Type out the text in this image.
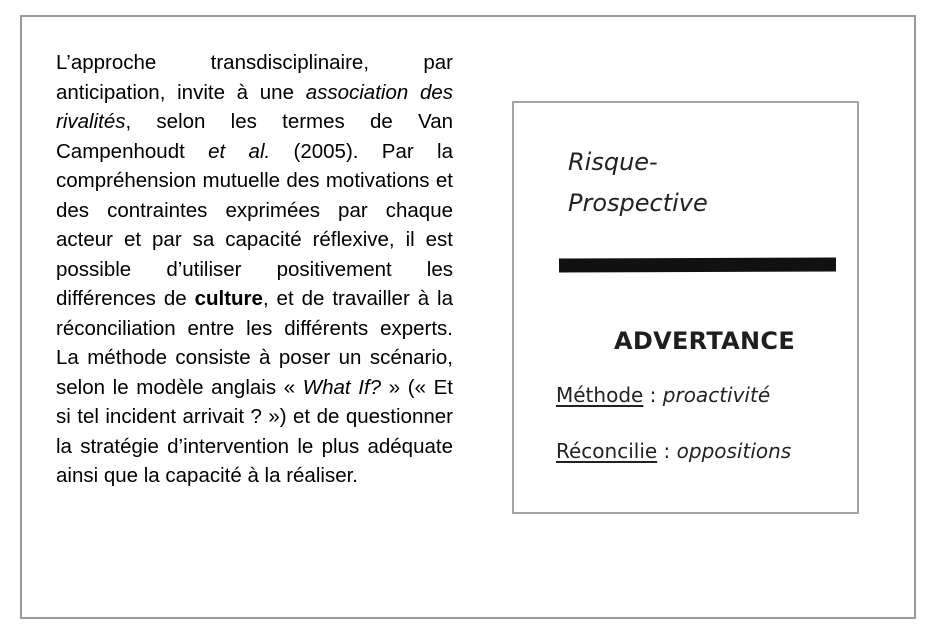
L’approche transdisciplinaire, par anticipation, invite à une association des rivalités, selon les termes de Van Campenhoudt et al. (2005). Par la compréhension mutuelle des motivations et des contraintes exprimées par chaque acteur et par sa capacité réflexive, il est possible d’utiliser positivement les différences de culture, et de travailler à la réconciliation entre les différents experts. La méthode consiste à poser un scénario, selon le modèle anglais « What If? » (« Et si tel incident arrivait ? ») et de questionner la stratégie d’intervention le plus adéquate ainsi que la capacité à la réaliser.
Risque-
Prospective
ADVERTANCE
Méthode : proactivité
Réconcilie : oppositions
